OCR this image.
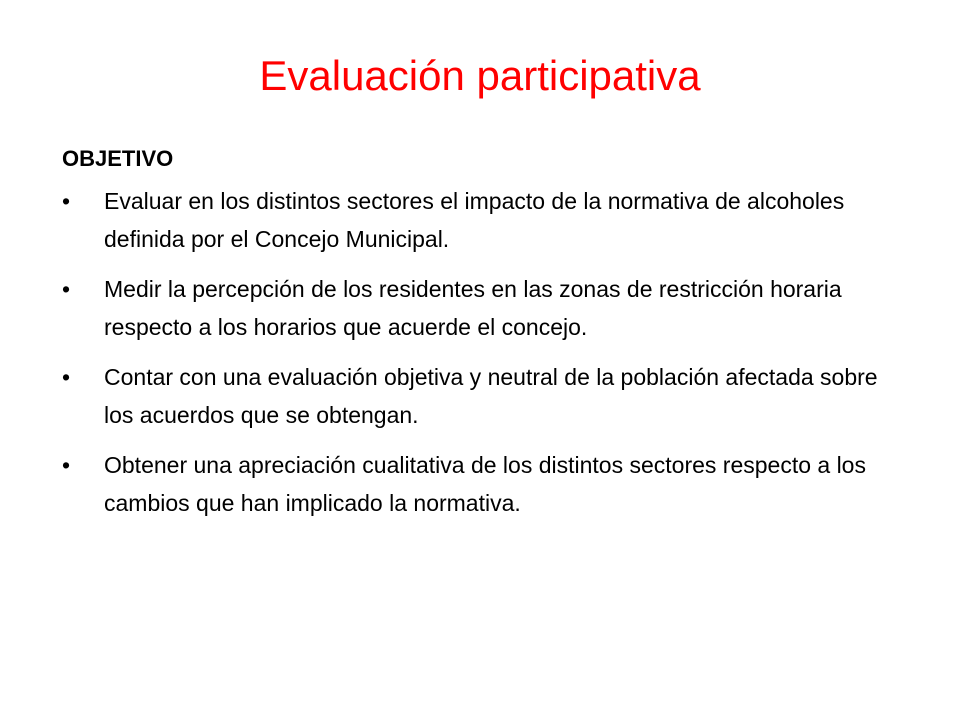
Evaluación participativa
OBJETIVO
• Evaluar en los distintos sectores el impacto de la normativa de alcoholes definida por el Concejo Municipal.
• Medir la percepción de los residentes en las zonas de restricción horaria respecto a los horarios que acuerde el concejo.
• Contar con una evaluación objetiva y neutral de la población afectada sobre los acuerdos que se obtengan.
• Obtener una apreciación cualitativa de los distintos sectores respecto a los cambios que han implicado la normativa.
